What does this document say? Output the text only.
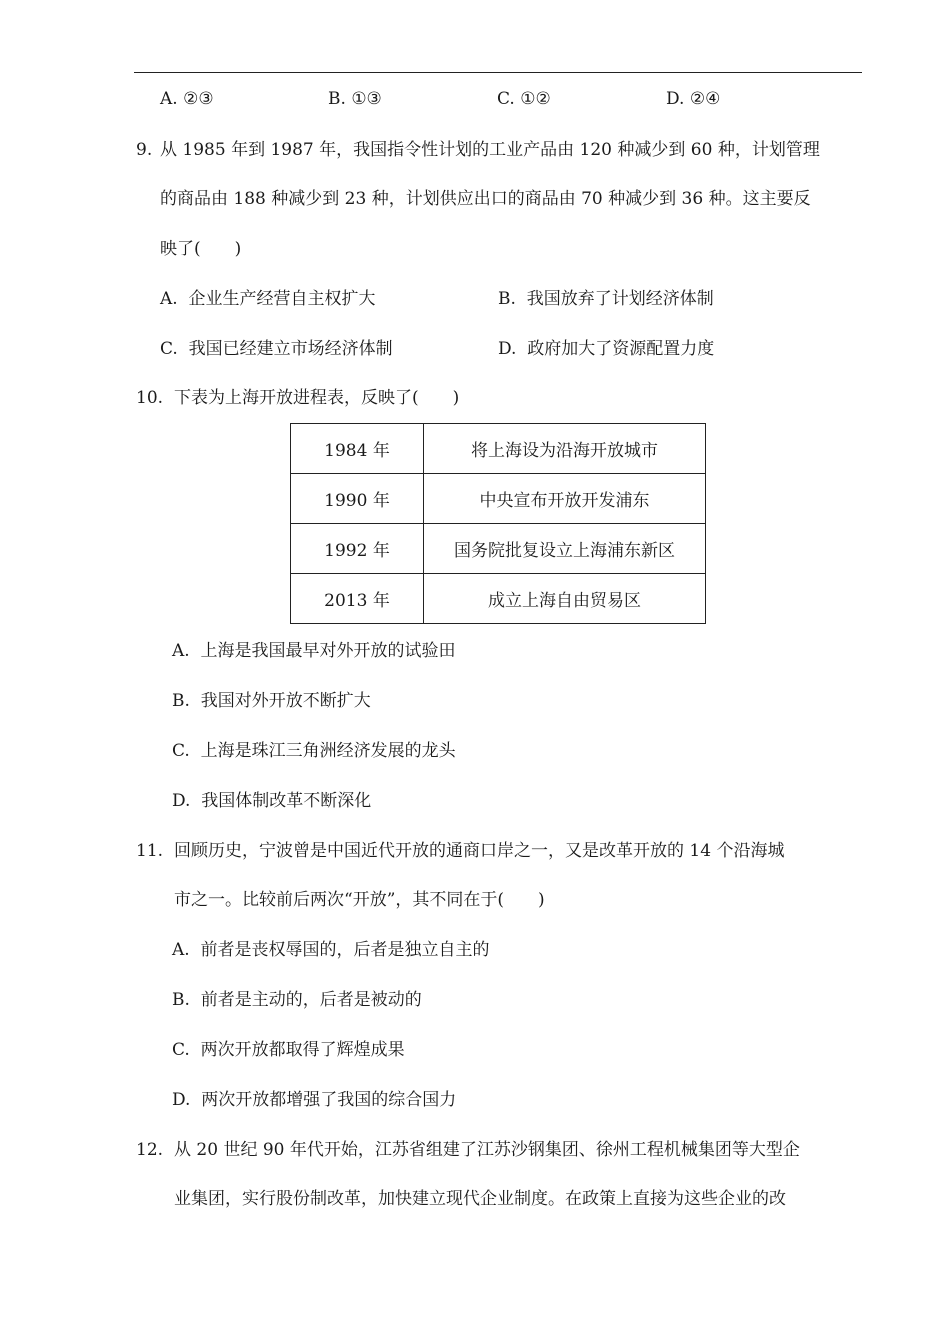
A. ②③	B. ①③	C. ①②	D. ②④
9. 从 1985 年到 1987 年，我国指令性计划的工业产品由 120 种减少到 60 种，计划管理
的商品由 188 种减少到 23 种，计划供应出口的商品由 70 种减少到 36 种。这主要反
映了(　　)
A. 企业生产经营自主权扩大	B. 我国放弃了计划经济体制
C. 我国已经建立市场经济体制	D. 政府加大了资源配置力度
10. 下表为上海开放进程表，反映了(　　)
1984 年	将上海设为沿海开放城市
1990 年	中央宣布开放开发浦东
1992 年	国务院批复设立上海浦东新区
2013 年	成立上海自由贸易区
A. 上海是我国最早对外开放的试验田
B. 我国对外开放不断扩大
C. 上海是珠江三角洲经济发展的龙头
D. 我国体制改革不断深化
11. 回顾历史，宁波曾是中国近代开放的通商口岸之一，又是改革开放的 14 个沿海城
市之一。比较前后两次“开放”，其不同在于(　　)
A. 前者是丧权辱国的，后者是独立自主的
B. 前者是主动的，后者是被动的
C. 两次开放都取得了辉煌成果
D. 两次开放都增强了我国的综合国力
12. 从 20 世纪 90 年代开始，江苏省组建了江苏沙钢集团、徐州工程机械集团等大型企
业集团，实行股份制改革，加快建立现代企业制度。在政策上直接为这些企业的改
